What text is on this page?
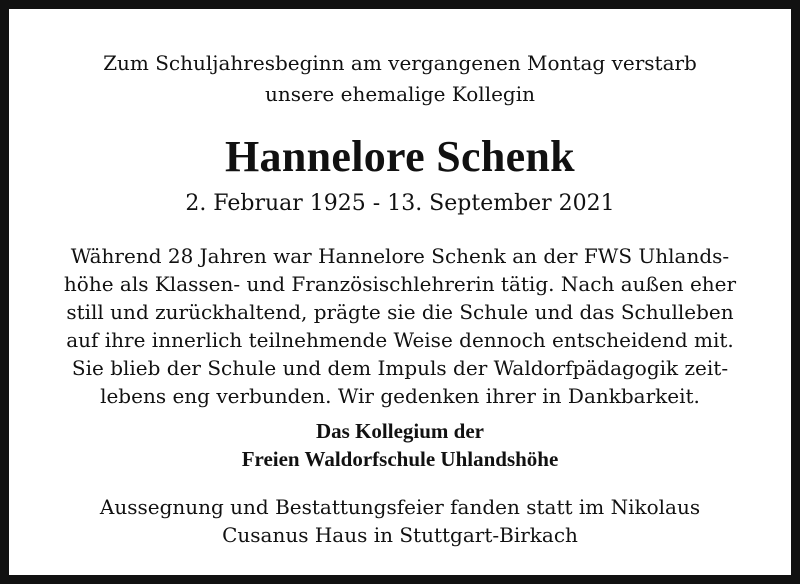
Zum Schuljahresbeginn am vergangenen Montag verstarb
unsere ehemalige Kollegin
Hannelore Schenk
2. Februar 1925 - 13. September 2021
Während 28 Jahren war Hannelore Schenk an der FWS Uhlands-
höhe als Klassen- und Französischlehrerin tätig. Nach außen eher
still und zurückhaltend, prägte sie die Schule und das Schulleben
auf ihre innerlich teilnehmende Weise dennoch entscheidend mit.
Sie blieb der Schule und dem Impuls der Waldorfpädagogik zeit-
lebens eng verbunden. Wir gedenken ihrer in Dankbarkeit.
Das Kollegium der
Freien Waldorfschule Uhlandshöhe
Aussegnung und Bestattungsfeier fanden statt im Nikolaus
Cusanus Haus in Stuttgart-Birkach
